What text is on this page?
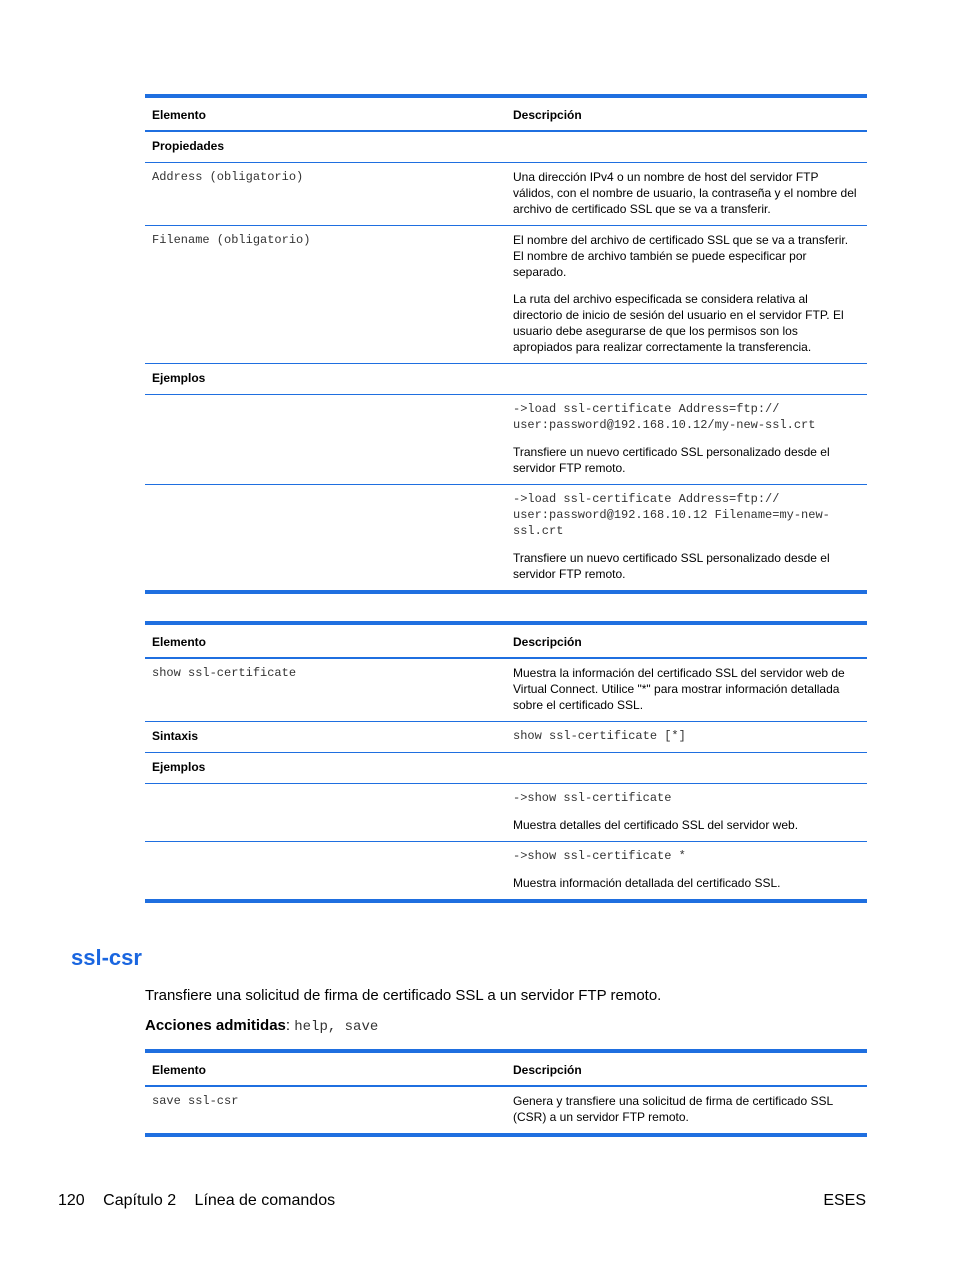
Elemento	Descripción
Propiedades	
Address (obligatorio)	Una dirección IPv4 o un nombre de host del servidor FTP válidos, con el nombre de usuario, la contraseña y el nombre del archivo de certificado SSL que se va a transferir.

Filename (obligatorio)	El nombre del archivo de certificado SSL que se va a transferir. El nombre de archivo también se puede especificar por separado.
La ruta del archivo especificada se considera relativa al directorio de inicio de sesión del usuario en el servidor FTP. El usuario debe asegurarse de que los permisos son los apropiados para realizar correctamente la transferencia.

Ejemplos	

	->load ssl-certificate Address=ftp://
user:password@192.168.10.12/my-new-ssl.crt
Transfiere un nuevo certificado SSL personalizado desde el servidor FTP remoto.

	->load ssl-certificate Address=ftp://
user:password@192.168.10.12 Filename=my-new-
ssl.crt
Transfiere un nuevo certificado SSL personalizado desde el servidor FTP remoto.
Elemento	Descripción
show ssl-certificate	Muestra la información del certificado SSL del servidor web de Virtual Connect. Utilice "*" para mostrar información detallada sobre el certificado SSL.
Sintaxis	show ssl-certificate [*]
Ejemplos	

	->show ssl-certificate
Muestra detalles del certificado SSL del servidor web.

	->show ssl-certificate *
Muestra información detallada del certificado SSL.
ssl-csr
Transfiere una solicitud de firma de certificado SSL a un servidor FTP remoto.
Acciones admitidas: help, save
Elemento	Descripción
save ssl-csr	Genera y transfiere una solicitud de firma de certificado SSL (CSR) a un servidor FTP remoto.
120 Capítulo 2 Línea de comandos	ESES
